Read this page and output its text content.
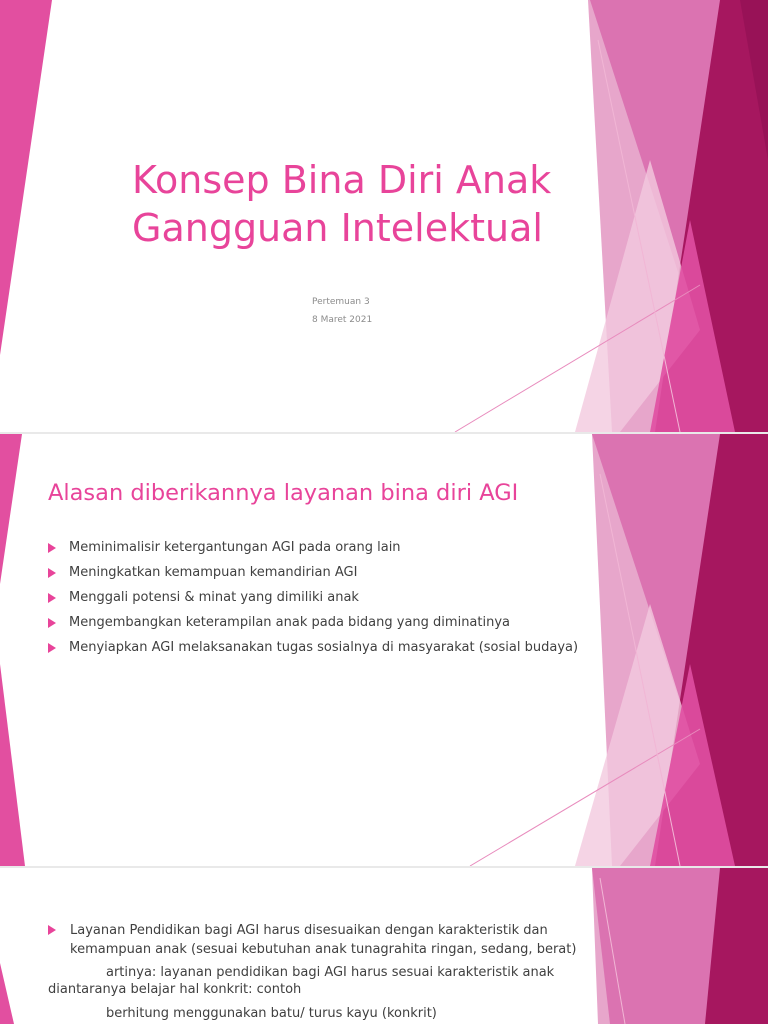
Konsep Bina Diri Anak
Gangguan Intelektual
Pertemuan 3
8 Maret 2021
Alasan diberikannya layanan bina diri AGI
Meminimalisir ketergantungan AGI pada orang lain
Meningkatkan kemampuan kemandirian AGI
Menggali potensi & minat yang dimiliki anak
Mengembangkan keterampilan anak pada bidang yang diminatinya
Menyiapkan AGI melaksanakan tugas sosialnya di masyarakat (sosial budaya)
Layanan Pendidikan bagi AGI harus disesuaikan dengan karakteristik dan
kemampuan anak (sesuai kebutuhan anak tunagrahita ringan, sedang, berat)

artinya: layanan pendidikan bagi AGI harus sesuai karakteristik anak
diantaranya belajar hal konkrit: contoh

berhitung menggunakan batu/ turus kayu (konkrit)
